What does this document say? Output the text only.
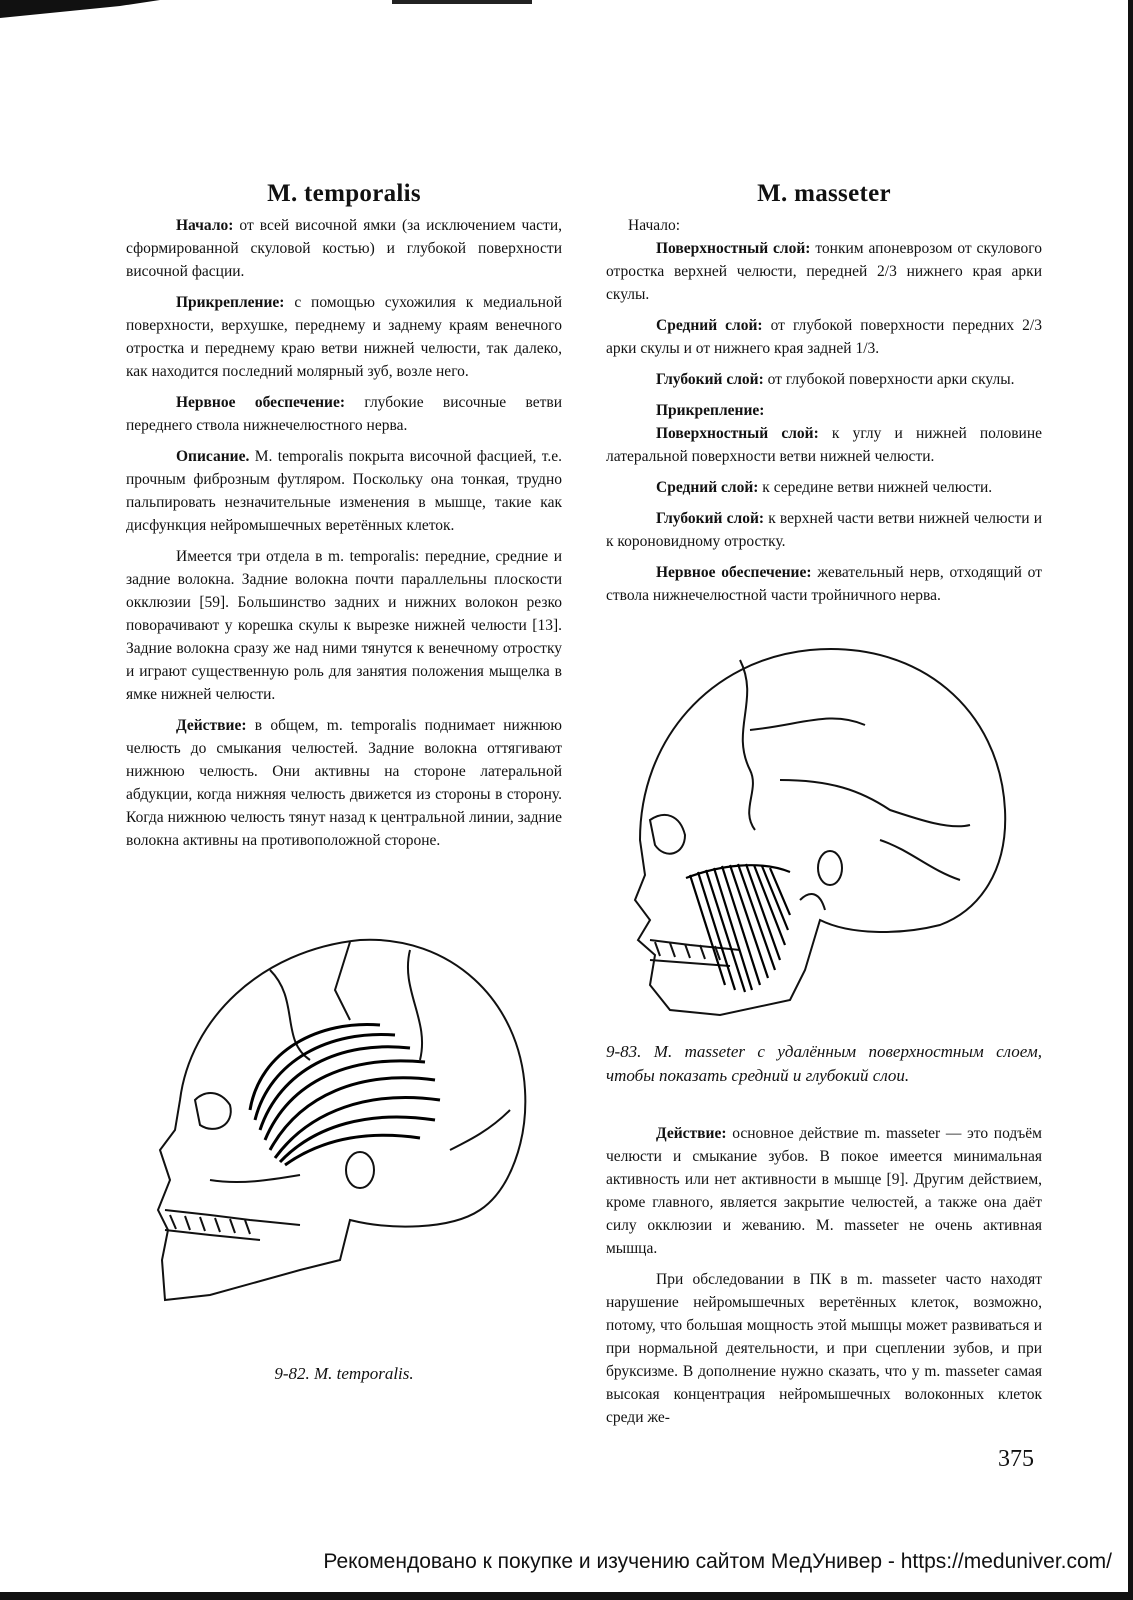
M. temporalis

Начало: от всей височной ямки (за исключением части, сформированной скуловой костью) и глубокой поверхности височной фасции.

Прикрепление: с помощью сухожилия к медиальной поверхности, верхушке, переднему и заднему краям венечного отростка и переднему краю ветви нижней челюсти, так далеко, как находится последний молярный зуб, возле него.

Нервное обеспечение: глубокие височные ветви переднего ствола нижнечелюстного нерва.

Описание. M. temporalis покрыта височной фасцией, т.е. прочным фиброзным футляром. Поскольку она тонкая, трудно пальпировать незначительные изменения в мышце, такие как дисфункция нейромышечных веретённых клеток.

Имеется три отдела в m. temporalis: передние, средние и задние волокна. Задние волокна почти параллельны плоскости окклюзии [59]. Большинство задних и нижних волокон резко поворачивают у корешка скулы к вырезке нижней челюсти [13]. Задние волокна сразу же над ними тянутся к венечному отростку и играют существенную роль для занятия положения мыщелка в ямке нижней челюсти.

Действие: в общем, m. temporalis поднимает нижнюю челюсть до смыкания челюстей. Задние волокна оттягивают нижнюю челюсть. Они активны на стороне латеральной абдукции, когда нижняя челюсть движется из стороны в сторону. Когда нижнюю челюсть тянут назад к центральной линии, задние волокна активны на противоположной стороне.

9-82. M. temporalis.
M. masseter

Начало:

Поверхностный слой: тонким апоневрозом от скулового отростка верхней челюсти, передней 2/3 нижнего края арки скулы.

Средний слой: от глубокой поверхности передних 2/3 арки скулы и от нижнего края задней 1/3.

Глубокий слой: от глубокой поверхности арки скулы.

Прикрепление:

Поверхностный слой: к углу и нижней половине латеральной поверхности ветви нижней челюсти.

Средний слой: к середине ветви нижней челюсти.

Глубокий слой: к верхней части ветви нижней челюсти и к короновидному отростку.

Нервное обеспечение: жевательный нерв, отходящий от ствола нижнечелюстной части тройничного нерва.

9-83. M. masseter с удалённым поверхностным слоем, чтобы показать средний и глубокий слои.

Действие: основное действие m. masseter — это подъём челюсти и смыкание зубов. В покое имеется минимальная активность или нет активности в мышце [9]. Другим действием, кроме главного, является закрытие челюстей, а также она даёт силу окклюзии и жеванию. M. masseter не очень активная мышца.

При обследовании в ПК в m. masseter часто находят нарушение нейромышечных веретённых клеток, возможно, потому, что большая мощность этой мышцы может развиваться и при нормальной деятельности, и при сцеплении зубов, и при бруксизме. В дополнение нужно сказать, что у m. masseter самая высокая концентрация нейромышечных волоконных клеток среди же-

375
Рекомендовано к покупке и изучению сайтом МедУнивер - https://meduniver.com/
